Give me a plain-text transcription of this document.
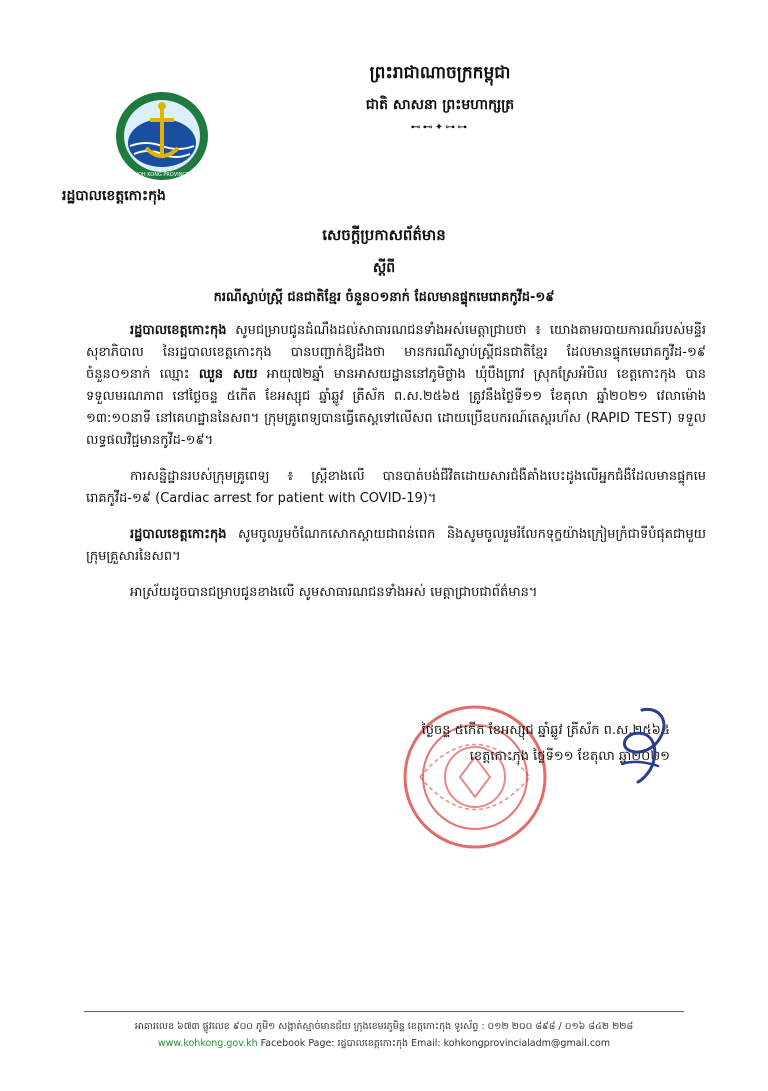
KOH KONG PROVINCE
រដ្ឋបាលខេត្តកោះកុង
ព្រះរាជាណាចក្រកម្ពុជា
ជាតិ សាសនា ព្រះមហាក្សត្រ
⊷⊷✦⊶⊶
សេចក្តីប្រកាសព័ត៌មាន
ស្តីពី
ករណីស្លាប់ស្ត្រី ជនជាតិខ្មែរ ចំនួន០១នាក់ ដែលមានផ្ទុកមេរោគកូវីដ-១៩

រដ្ឋបាលខេត្តកោះកុង សូមជម្រាបជូនដំណឹងដល់សាធារណជនទាំងអស់មេត្តាជ្រាបថា ៖ យោងតាមរបាយការណ៍របស់មន្ទីរសុខាភិបាល នៃរដ្ឋបាលខេត្តកោះកុង បានបញ្ជាក់ឱ្យដឹងថា មានករណីស្លាប់ស្ត្រីជនជាតិខ្មែរ ដែលមានផ្ទុកមេរោគកូវីដ-១៩ ចំនួន០១នាក់ ឈ្មោះ ឈួន សយ អាយុ៧២ឆ្នាំ មានអាសយដ្ឋាននៅភូមិថ្លាង ឃុំបឹងព្រាវ ស្រុកស្រែអំបិល ខេត្តកោះកុង បានទទួលមរណភាព នៅថ្ងៃចន្ទ ៥កើត ខែអស្សុជ ឆ្នាំឆ្លូវ ត្រីស័ក ព.ស.២៥៦៥ ត្រូវនឹងថ្ងៃទី១១ ខែតុលា ឆ្នាំ២០២១ វេលាម៉ោង ១៣:១០នាទី នៅគេហដ្ឋាននៃសព។ ក្រុមគ្រូពេទ្យបានធ្វើតេស្តទៅលើសព ដោយប្រើឧបករណ៍តេស្តរហ័ស (RAPID TEST) ទទួលលទ្ធផលវិជ្ជមានកូវីដ-១៩។

ការសន្និដ្ឋានរបស់ក្រុមគ្រូពេទ្យ ៖ ស្ត្រីខាងលើ បានបាត់បង់ជីវិតដោយសារជំងឺគាំងបេះដូងលើអ្នកជំងឺដែលមានផ្ទុកមេរោគកូវីដ-១៩ (Cardiac arrest for patient with COVID-19)។

រដ្ឋបាលខេត្តកោះកុង សូមចូលរួមចំណែកសោកស្តាយជាពន់ពេក និងសូមចូលរួមរំលែកទុក្ខយ៉ាងក្រៀមក្រំជាទីបំផុតជាមួយក្រុមគ្រួសារនៃសព។

អាស្រ័យដូចបានជម្រាបជូនខាងលើ សូមសាធារណជនទាំងអស់ មេត្តាជ្រាបជាព័ត៌មាន។

ថ្ងៃចន្ទ ៥កើត ខែអស្សុជ ឆ្នាំឆ្លូវ ត្រីស័ក ព.ស.២៥៦៥
ខេត្តកោះកុង ថ្ងៃទី១១ ខែតុលា ឆ្នាំ២០២១
អាគារលេខ ៦៧៣ ផ្លូវលេខ ៩០០ ភូមិ១ សង្កាត់ស្មាច់មានជ័យ ក្រុងខេមរភូមិន្ទ ខេត្តកោះកុង ទូរស័ព្ទ : ០១២ ២០០ ៨៩៨ / ០១៦ ៨៤២ ២២៨
www.kohkong.gov.kh Facebook Page: រដ្ឋបាលខេត្តកោះកុង Email: kohkongprovincialadm@gmail.com
